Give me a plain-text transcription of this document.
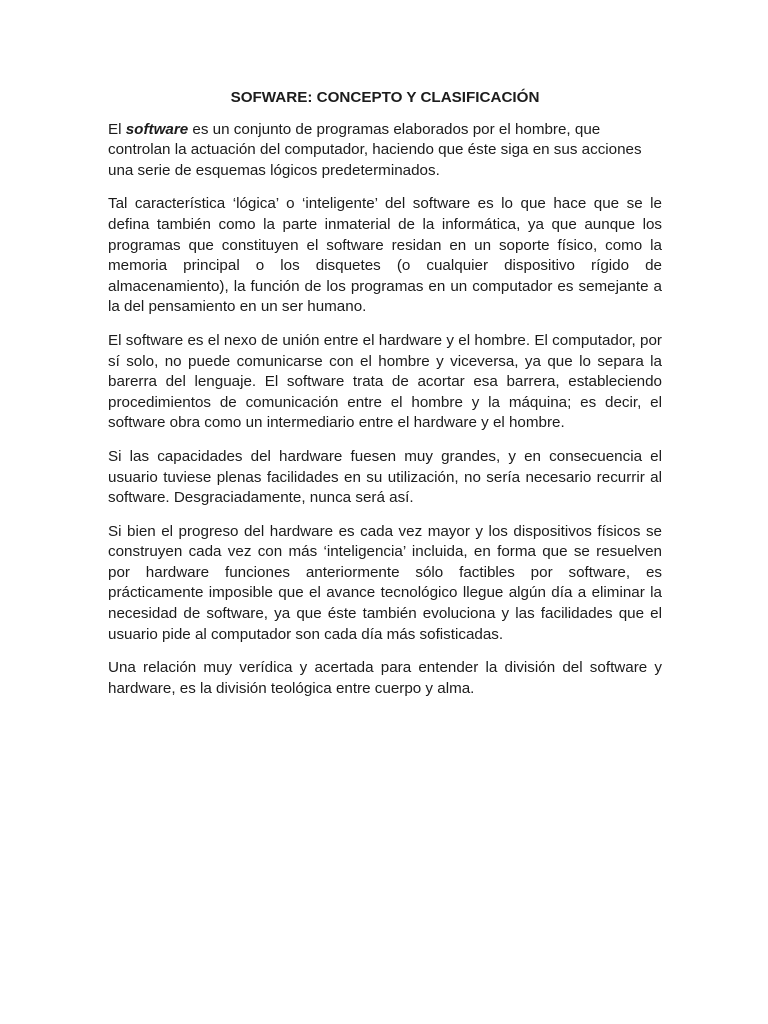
SOFWARE: CONCEPTO Y CLASIFICACIÓN

El software es un conjunto de programas elaborados por el hombre, que controlan la actuación del computador, haciendo que éste siga en sus acciones una serie de esquemas lógicos predeterminados.

Tal característica ‘lógica’ o ‘inteligente’ del software es lo que hace que se le defina también como la parte inmaterial de la informática, ya que aunque los programas que constituyen el software residan en un soporte físico, como la memoria principal o los disquetes (o cualquier dispositivo rígido de almacenamiento), la función de los programas en un computador es semejante a la del pensamiento en un ser humano.

El software es el nexo de unión entre el hardware y el hombre. El computador, por sí solo, no puede comunicarse con el hombre y viceversa, ya que lo separa la barerra del lenguaje. El software trata de acortar esa barrera, estableciendo procedimientos de comunicación entre el hombre y la máquina; es decir, el software obra como un intermediario entre el hardware y el hombre.

Si las capacidades del hardware fuesen muy grandes, y en consecuencia el usuario tuviese plenas facilidades en su utilización, no sería necesario recurrir al software. Desgraciadamente, nunca será así.

Si bien el progreso del hardware es cada vez mayor y los dispositivos físicos se construyen cada vez con más ‘inteligencia’ incluida, en forma que se resuelven por hardware funciones anteriormente sólo factibles por software, es prácticamente imposible que el avance tecnológico llegue algún día a eliminar la necesidad de software, ya que éste también evoluciona y las facilidades que el usuario pide al computador son cada día más sofisticadas.

Una relación muy verídica y acertada para entender la división del software y hardware, es la división teológica entre cuerpo y alma.
